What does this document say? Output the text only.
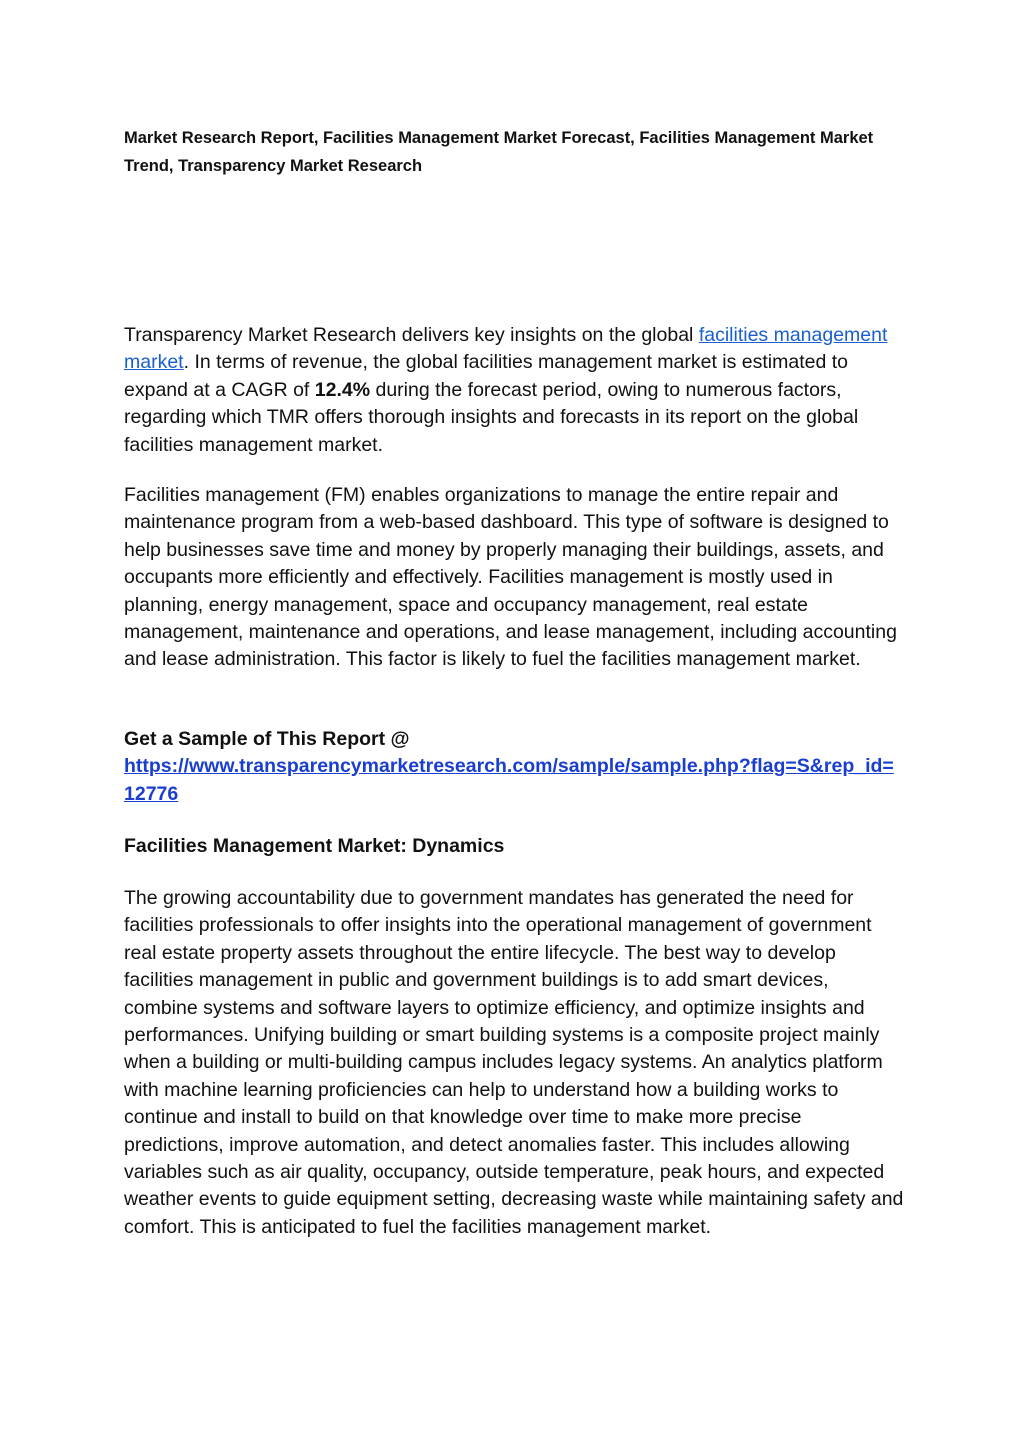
Market Research Report, Facilities Management Market Forecast, Facilities Management Market Trend, Transparency Market Research

Transparency Market Research delivers key insights on the global facilities management market. In terms of revenue, the global facilities management market is estimated to expand at a CAGR of 12.4% during the forecast period, owing to numerous factors, regarding which TMR offers thorough insights and forecasts in its report on the global facilities management market.

Facilities management (FM) enables organizations to manage the entire repair and maintenance program from a web-based dashboard. This type of software is designed to help businesses save time and money by properly managing their buildings, assets, and occupants more efficiently and effectively. Facilities management is mostly used in planning, energy management, space and occupancy management, real estate management, maintenance and operations, and lease management, including accounting and lease administration. This factor is likely to fuel the facilities management market.

Get a Sample of This Report @
https://www.transparencymarketresearch.com/sample/sample.php?flag=S&rep_id=12776
Facilities Management Market: Dynamics

The growing accountability due to government mandates has generated the need for facilities professionals to offer insights into the operational management of government real estate property assets throughout the entire lifecycle. The best way to develop facilities management in public and government buildings is to add smart devices, combine systems and software layers to optimize efficiency, and optimize insights and performances. Unifying building or smart building systems is a composite project mainly when a building or multi-building campus includes legacy systems. An analytics platform with machine learning proficiencies can help to understand how a building works to continue and install to build on that knowledge over time to make more precise predictions, improve automation, and detect anomalies faster. This includes allowing variables such as air quality, occupancy, outside temperature, peak hours, and expected weather events to guide equipment setting, decreasing waste while maintaining safety and comfort. This is anticipated to fuel the facilities management market.
